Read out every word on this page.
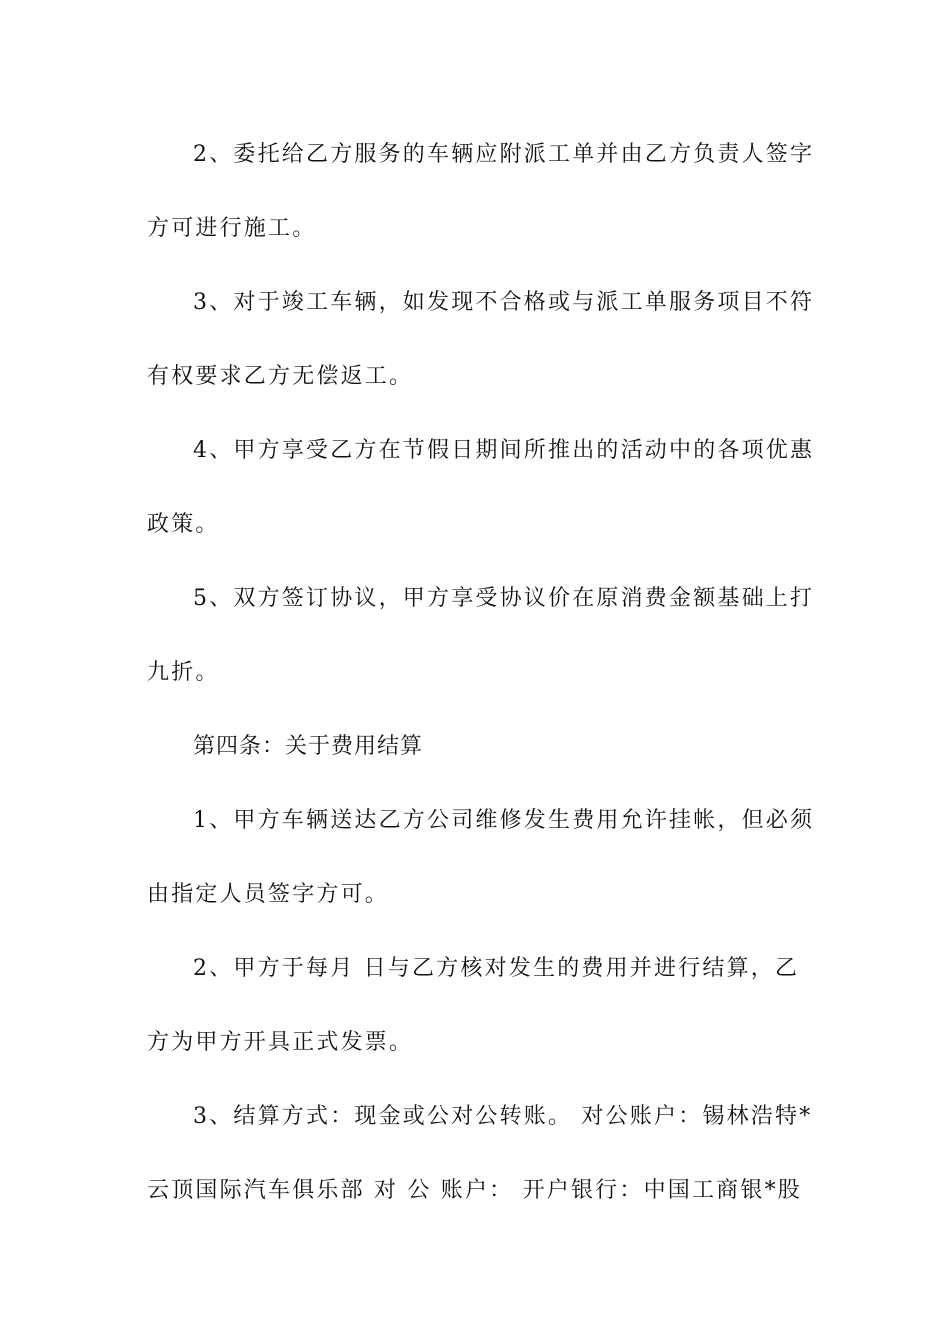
2、委托给乙方服务的车辆应附派工单并由乙方负责人签字
方可进行施工。
3、对于竣工车辆，如发现不合格或与派工单服务项目不符
有权要求乙方无偿返工。
4、甲方享受乙方在节假日期间所推出的活动中的各项优惠
政策。
5、双方签订协议，甲方享受协议价在原消费金额基础上打
九折。
第四条：关于费用结算
1、甲方车辆送达乙方公司维修发生费用允许挂帐，但必须
由指定人员签字方可。
2、甲方于每月 日与乙方核对发生的费用并进行结算，乙
方为甲方开具正式发票。
3、结算方式：现金或公对公转账。 对公账户：锡林浩特*
云顶国际汽车俱乐部 对 公 账户： 开户银行：中国工商银*股
